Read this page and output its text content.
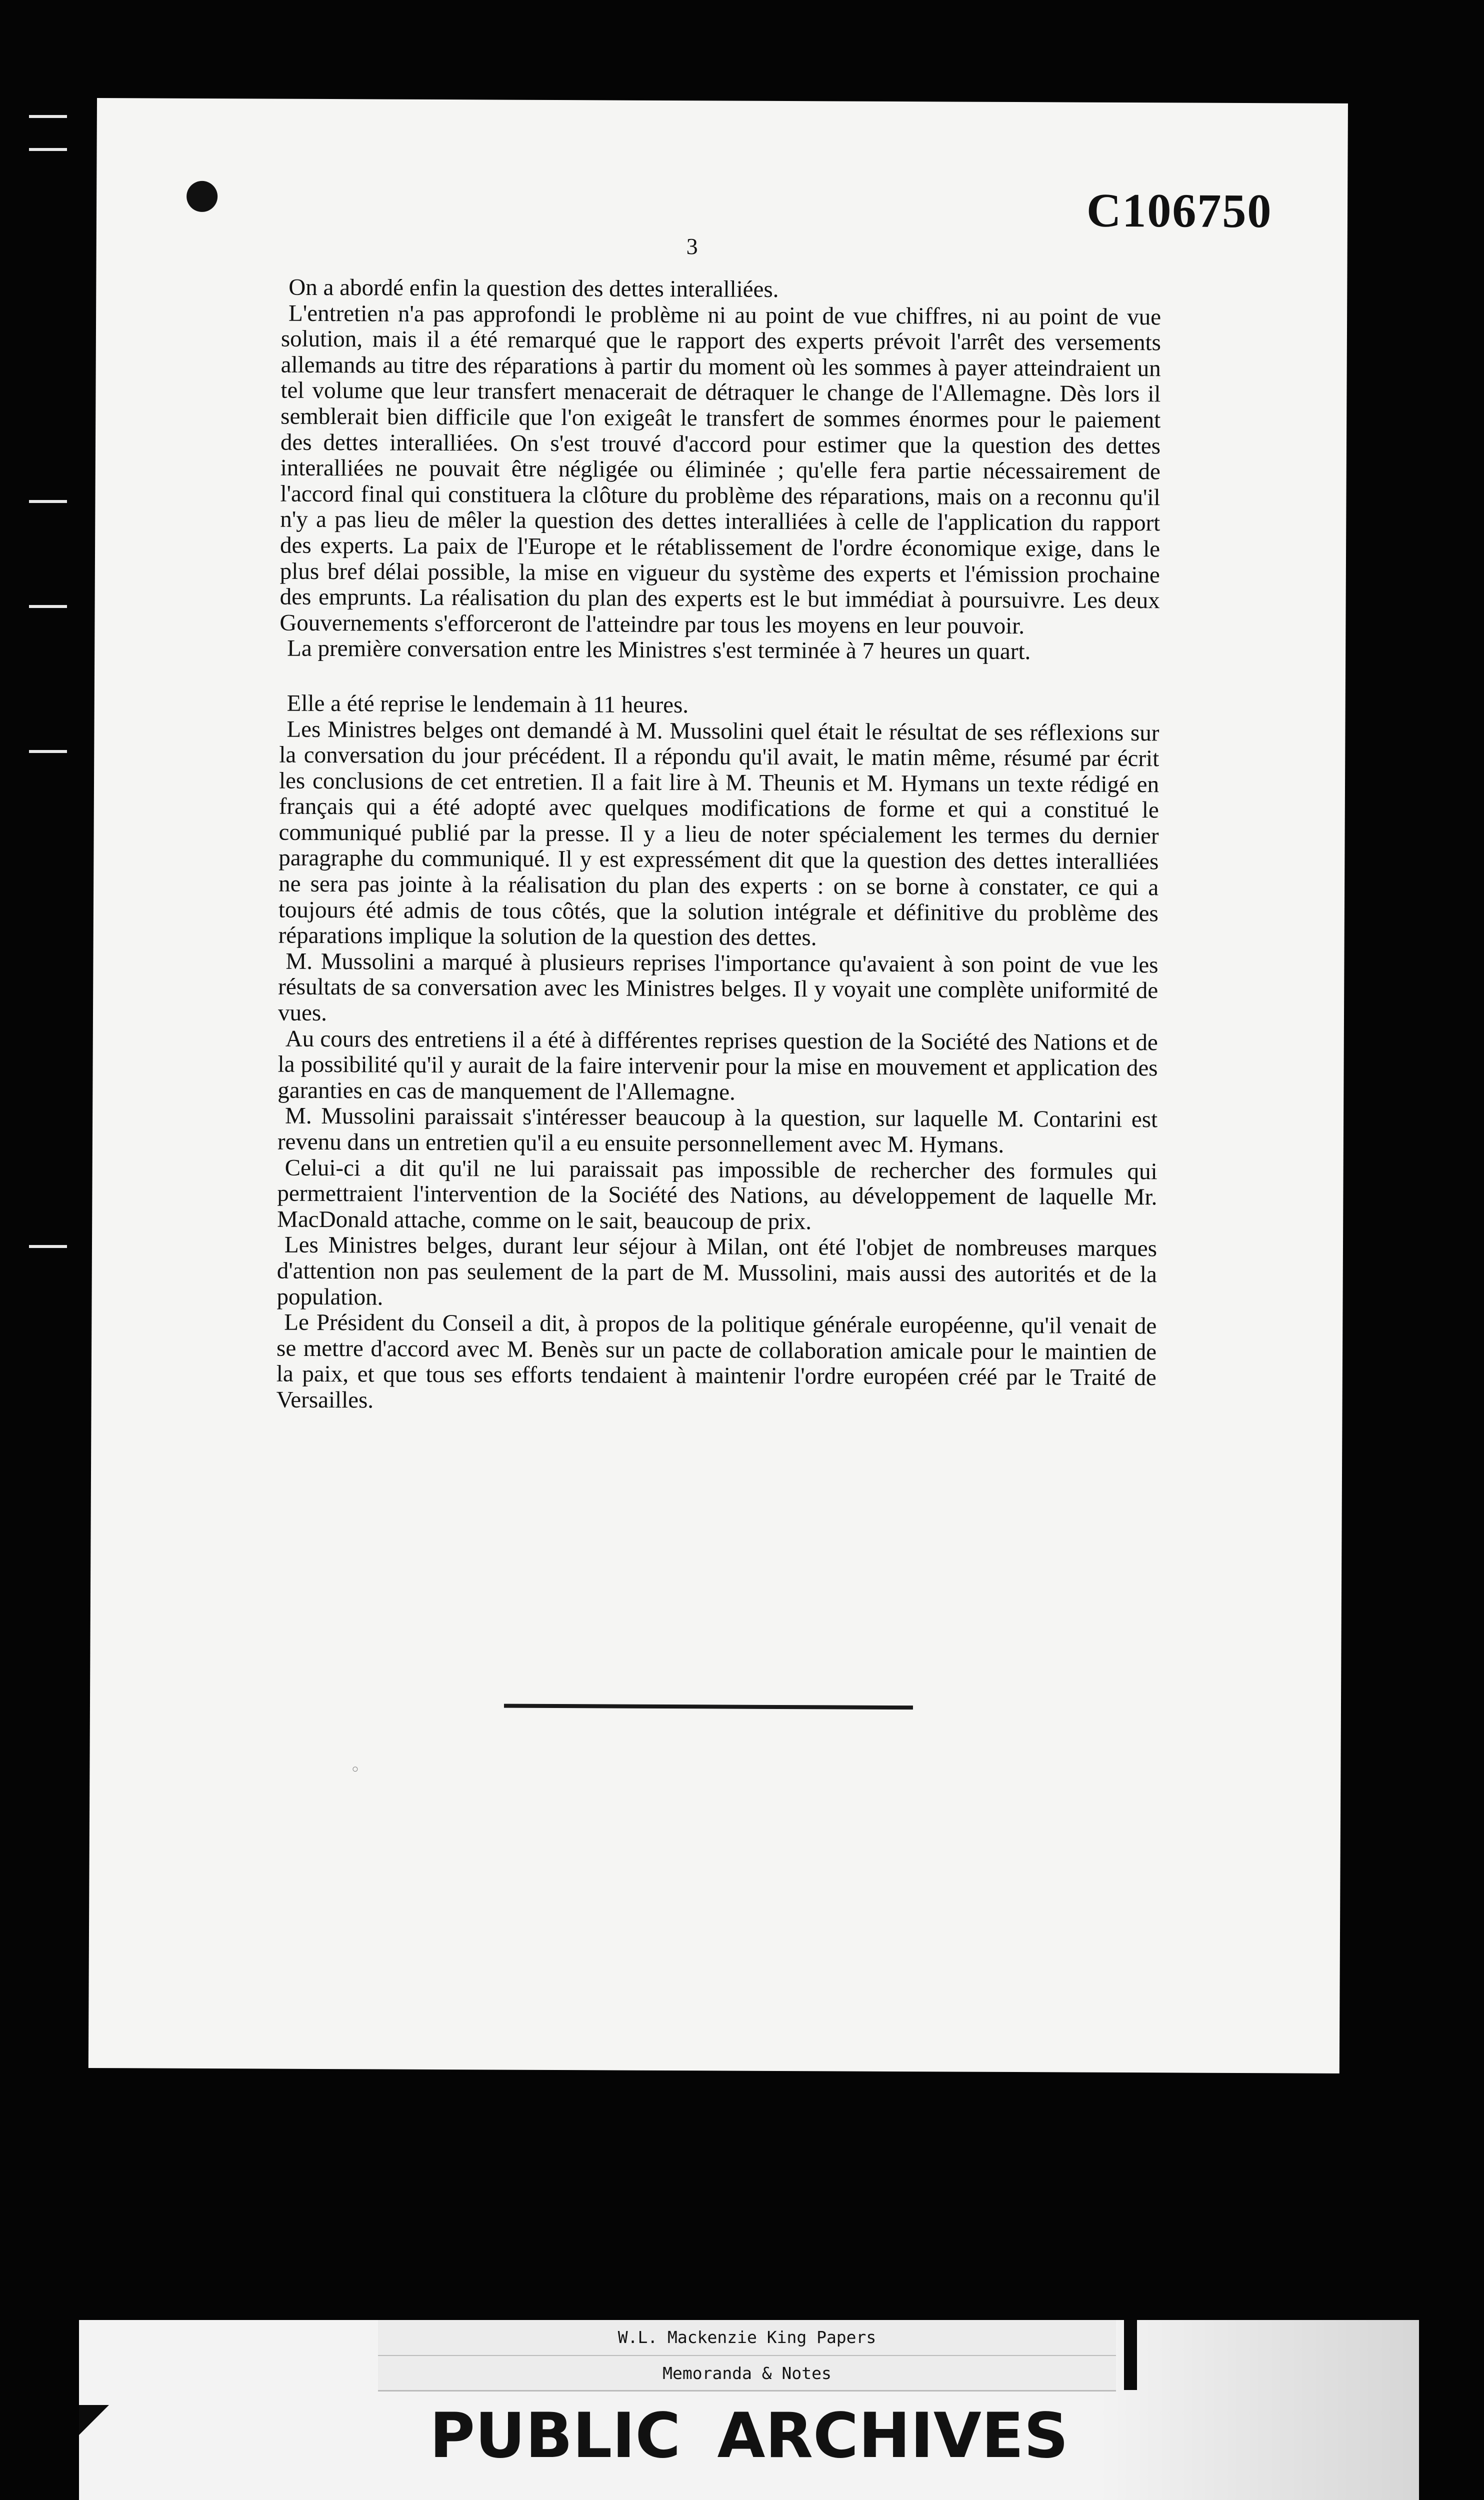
C106750
3

On a abordé enfin la question des dettes interalliées.

L'entretien n'a pas approfondi le problème ni au point de vue chiffres, ni au point de vue solution, mais il a été remarqué que le rapport des experts prévoit l'arrêt des versements allemands au titre des réparations à partir du moment où les sommes à payer atteindraient un tel volume que leur transfert menacerait de détraquer le change de l'Allemagne. Dès lors il semblerait bien difficile que l'on exigeât le transfert de sommes énormes pour le paiement des dettes interalliées. On s'est trouvé d'accord pour estimer que la question des dettes interalliées ne pouvait être négligée ou éliminée ; qu'elle fera partie nécessairement de l'accord final qui constituera la clôture du problème des réparations, mais on a reconnu qu'il n'y a pas lieu de mêler la question des dettes interalliées à celle de l'application du rapport des experts. La paix de l'Europe et le rétablissement de l'ordre économique exige, dans le plus bref délai possible, la mise en vigueur du système des experts et l'émission prochaine des emprunts. La réalisation du plan des experts est le but immédiat à poursuivre. Les deux Gouvernements s'efforceront de l'atteindre par tous les moyens en leur pouvoir.

La première conversation entre les Ministres s'est terminée à 7 heures un quart.

Elle a été reprise le lendemain à 11 heures.

Les Ministres belges ont demandé à M. Mussolini quel était le résultat de ses réflexions sur la conversation du jour précédent. Il a répondu qu'il avait, le matin même, résumé par écrit les conclusions de cet entretien. Il a fait lire à M. Theunis et M. Hymans un texte rédigé en français qui a été adopté avec quelques modifications de forme et qui a constitué le communiqué publié par la presse. Il y a lieu de noter spécialement les termes du dernier paragraphe du communiqué. Il y est expressément dit que la question des dettes interalliées ne sera pas jointe à la réalisation du plan des experts : on se borne à constater, ce qui a toujours été admis de tous côtés, que la solution intégrale et définitive du problème des réparations implique la solution de la question des dettes.

M. Mussolini a marqué à plusieurs reprises l'importance qu'avaient à son point de vue les résultats de sa conversation avec les Ministres belges. Il y voyait une complète uniformité de vues.

Au cours des entretiens il a été à différentes reprises question de la Société des Nations et de la possibilité qu'il y aurait de la faire intervenir pour la mise en mouvement et application des garanties en cas de manquement de l'Allemagne.

M. Mussolini paraissait s'intéresser beaucoup à la question, sur laquelle M. Contarini est revenu dans un entretien qu'il a eu ensuite personnellement avec M. Hymans.

Celui-ci a dit qu'il ne lui paraissait pas impossible de rechercher des formules qui permettraient l'intervention de la Société des Nations, au développement de laquelle Mr. MacDonald attache, comme on le sait, beaucoup de prix.

Les Ministres belges, durant leur séjour à Milan, ont été l'objet de nombreuses marques d'attention non pas seulement de la part de M. Mussolini, mais aussi des autorités et de la population.

Le Président du Conseil a dit, à propos de la politique générale européenne, qu'il venait de se mettre d'accord avec M. Benès sur un pacte de collaboration amicale pour le maintien de la paix, et que tous ses efforts tendaient à maintenir l'ordre européen créé par le Traité de Versailles.

W.L. Mackenzie King Papers
Memoranda & Notes
PUBLIC ARCHIVES
